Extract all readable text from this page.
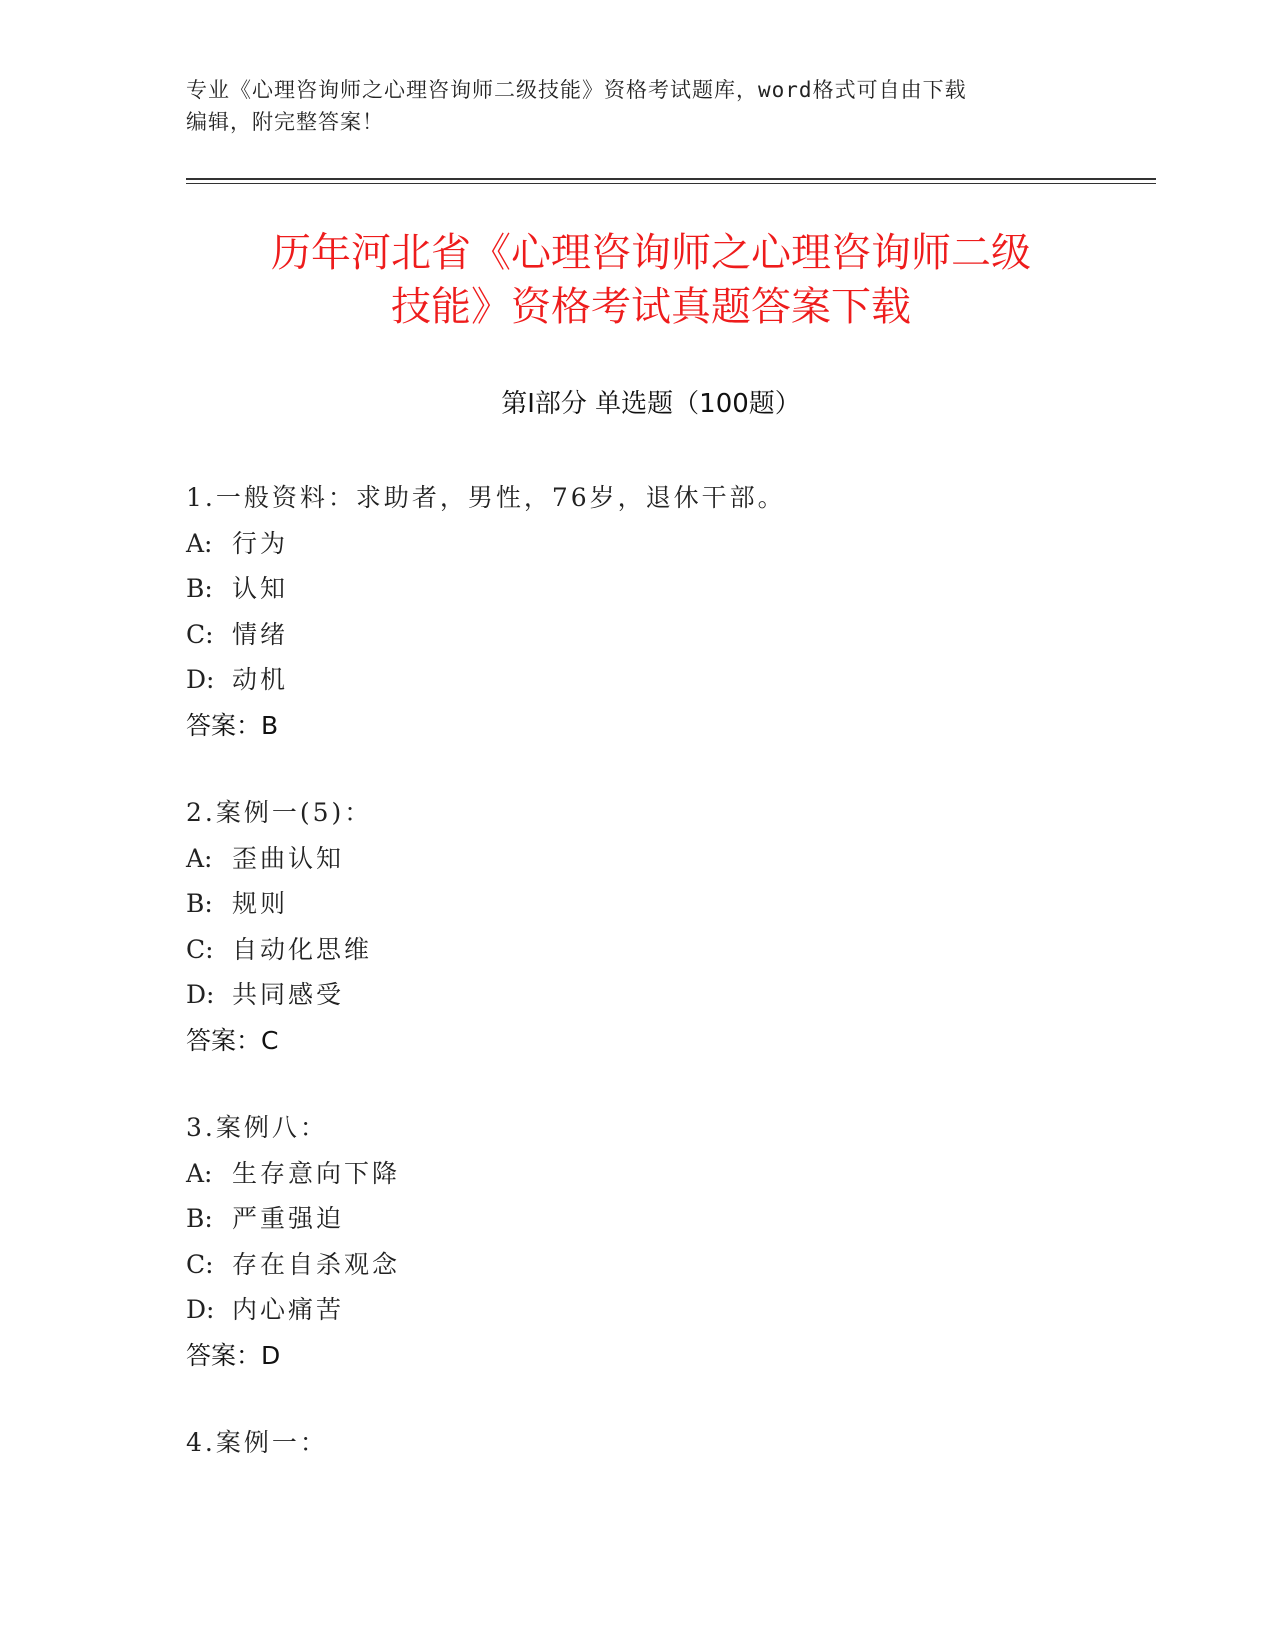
专业《心理咨询师之心理咨询师二级技能》资格考试题库，word格式可自由下载
编辑，附完整答案！
历年河北省《心理咨询师之心理咨询师二级
技能》资格考试真题答案下载
第Ⅰ部分 单选题（100题）
1.一般资料：求助者，男性，76岁，退休干部。
A: 行为
B: 认知
C: 情绪
D: 动机
答案：B
2.案例一(5)：
A: 歪曲认知
B: 规则
C: 自动化思维
D: 共同感受
答案：C
3.案例八：
A: 生存意向下降
B: 严重强迫
C: 存在自杀观念
D: 内心痛苦
答案：D
4.案例一：
